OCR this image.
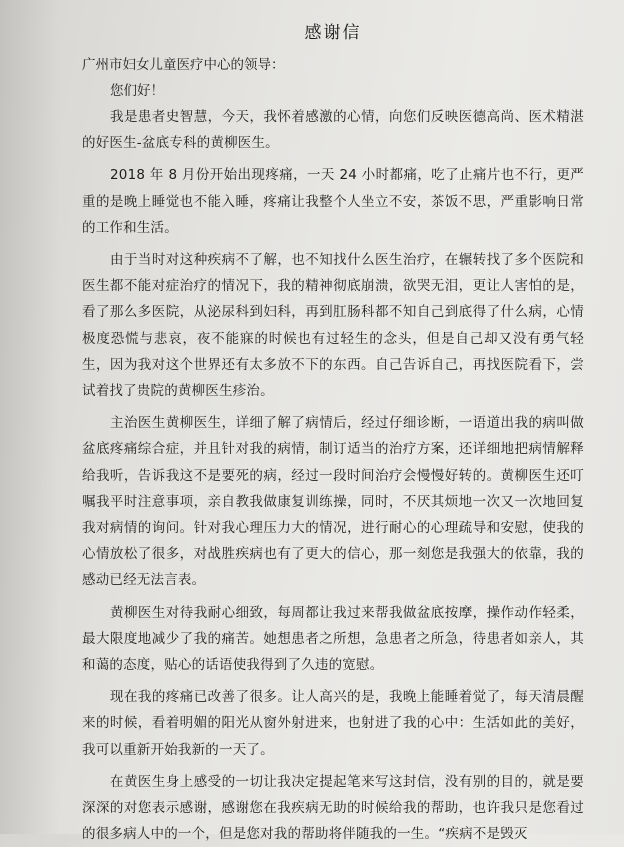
感谢信

广州市妇女儿童医疗中心的领导：

您们好！

我是患者史智慧，今天，我怀着感激的心情，向您们反映医德高尚、医术精湛的好医生-盆底专科的黄柳医生。

2018 年 8 月份开始出现疼痛，一天 24 小时都痛，吃了止痛片也不行，更严重的是晚上睡觉也不能入睡，疼痛让我整个人坐立不安，茶饭不思，严重影响日常的工作和生活。

由于当时对这种疾病不了解，也不知找什么医生治疗，在辗转找了多个医院和医生都不能对症治疗的情况下，我的精神彻底崩溃，欲哭无泪，更让人害怕的是，看了那么多医院，从泌尿科到妇科，再到肛肠科都不知自己到底得了什么病，心情极度恐慌与悲哀，夜不能寐的时候也有过轻生的念头，但是自己却又没有勇气轻生，因为我对这个世界还有太多放不下的东西。自己告诉自己，再找医院看下，尝试着找了贵院的黄柳医生疹治。

主治医生黄柳医生，详细了解了病情后，经过仔细诊断，一语道出我的病叫做盆底疼痛综合症，并且针对我的病情，制订适当的治疗方案，还详细地把病情解释给我听，告诉我这不是要死的病，经过一段时间治疗会慢慢好转的。黄柳医生还叮嘱我平时注意事项，亲自教我做康复训练操，同时，不厌其烦地一次又一次地回复我对病情的询问。针对我心理压力大的情况，进行耐心的心理疏导和安慰，使我的心情放松了很多，对战胜疾病也有了更大的信心，那一刻您是我强大的依靠，我的感动已经无法言表。

黄柳医生对待我耐心细致，每周都让我过来帮我做盆底按摩，操作动作轻柔，最大限度地减少了我的痛苦。她想患者之所想，急患者之所急，待患者如亲人，其和蔼的态度，贴心的话语使我得到了久违的宽慰。

现在我的疼痛已改善了很多。让人高兴的是，我晚上能睡着觉了，每天清晨醒来的时候，看着明媚的阳光从窗外射进来，也射进了我的心中：生活如此的美好，我可以重新开始我新的一天了。

在黄医生身上感受的一切让我决定提起笔来写这封信，没有别的目的，就是要深深的对您表示感谢，感谢您在我疾病无助的时候给我的帮助，也许我只是您看过的很多病人中的一个，但是您对我的帮助将伴随我的一生。“疾病不是毁灭
